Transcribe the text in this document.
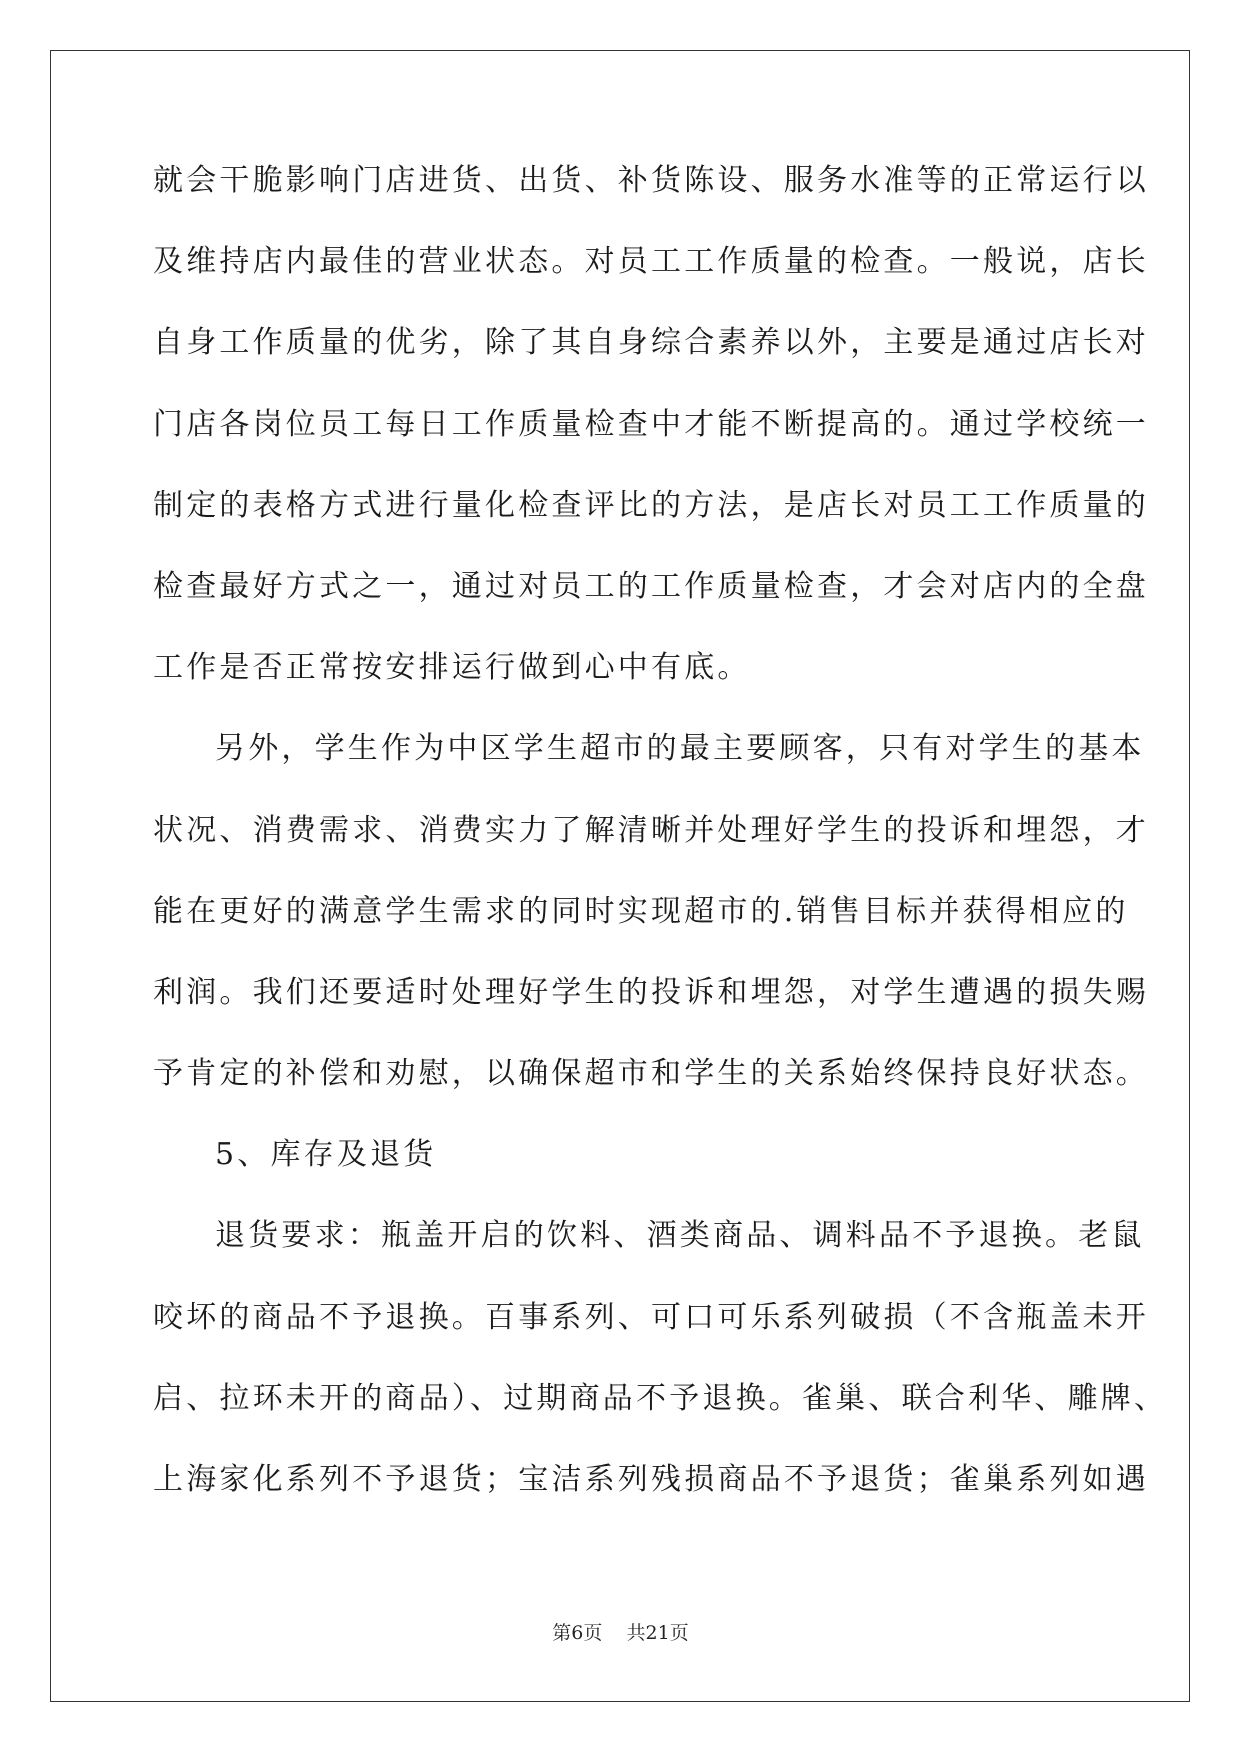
就会干脆影响门店进货、出货、补货陈设、服务水准等的正常运行以
及维持店内最佳的营业状态。对员工工作质量的检查。一般说，店长
自身工作质量的优劣，除了其自身综合素养以外，主要是通过店长对
门店各岗位员工每日工作质量检查中才能不断提高的。通过学校统一
制定的表格方式进行量化检查评比的方法，是店长对员工工作质量的
检查最好方式之一，通过对员工的工作质量检查，才会对店内的全盘
工作是否正常按安排运行做到心中有底。
另外，学生作为中区学生超市的最主要顾客，只有对学生的基本
状况、消费需求、消费实力了解清晰并处理好学生的投诉和埋怨，才
能在更好的满意学生需求的同时实现超市的.销售目标并获得相应的
利润。我们还要适时处理好学生的投诉和埋怨，对学生遭遇的损失赐
予肯定的补偿和劝慰，以确保超市和学生的关系始终保持良好状态。
5、库存及退货
退货要求：瓶盖开启的饮料、酒类商品、调料品不予退换。老鼠
咬坏的商品不予退换。百事系列、可口可乐系列破损（不含瓶盖未开
启、拉环未开的商品）、过期商品不予退换。雀巢、联合利华、雕牌、
上海家化系列不予退货；宝洁系列残损商品不予退货；雀巢系列如遇
第6页 共21页
